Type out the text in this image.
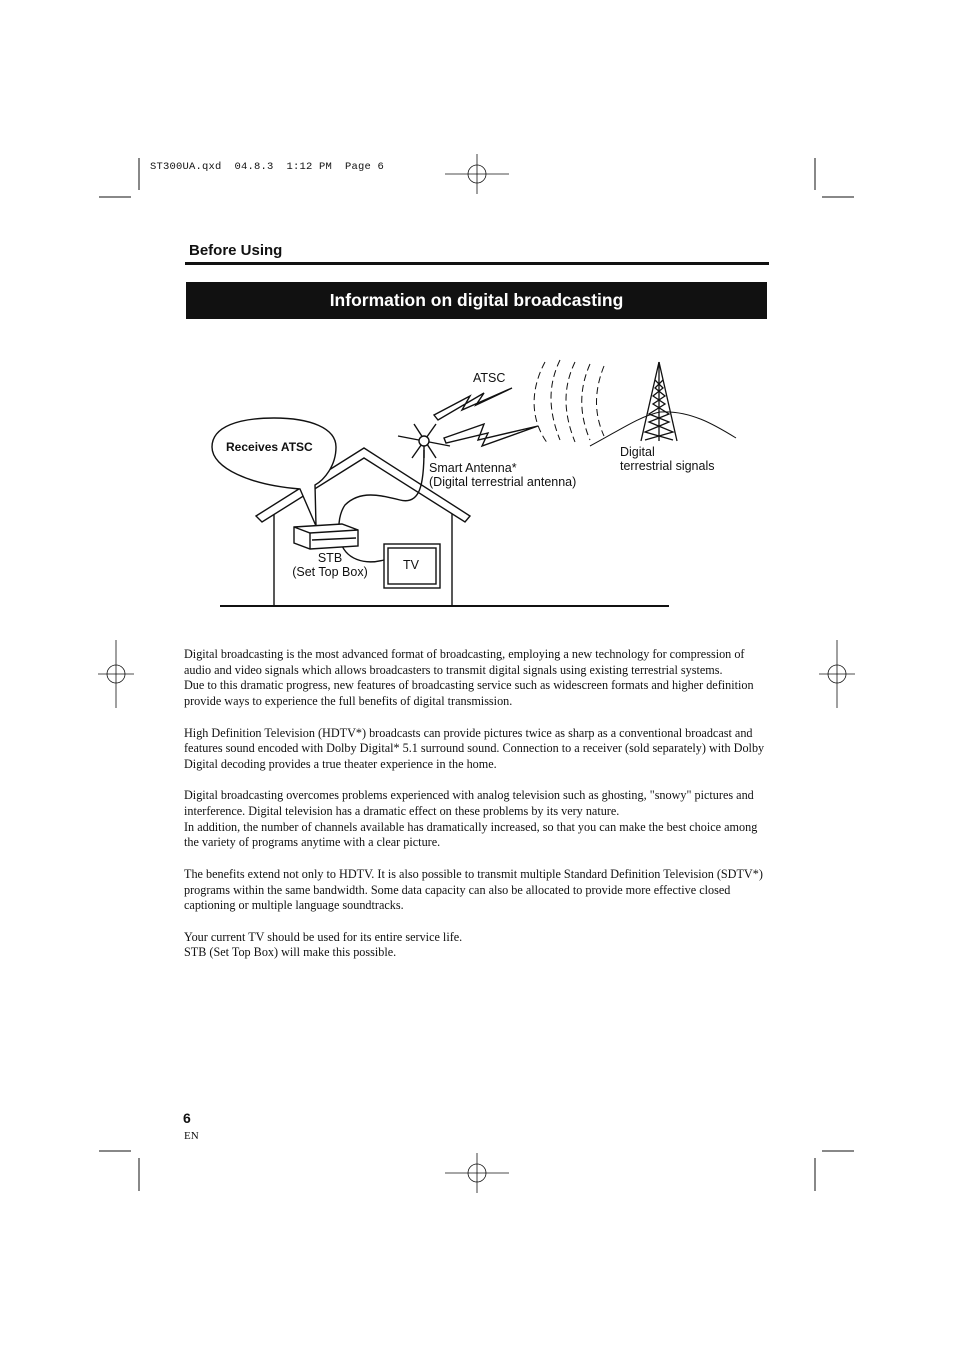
ST300UA.qxd  04.8.3  1:12 PM  Page 6
Before Using
Information on digital broadcasting
Receives ATSC
ATSC
Smart Antenna*
(Digital terrestrial antenna)
Digital
terrestrial signals
STB
(Set Top Box)	TV

Digital broadcasting is the most advanced format of broadcasting, employing a new technology for compression of audio and video signals which allows broadcasters to transmit digital signals using existing terrestrial systems.
Due to this dramatic progress, new features of broadcasting service such as widescreen formats and higher definition provide ways to experience the full benefits of digital transmission.

High Definition Television (HDTV*) broadcasts can provide pictures twice as sharp as a conventional broadcast and features sound encoded with Dolby Digital* 5.1 surround sound. Connection to a receiver (sold separately) with Dolby Digital decoding provides a true theater experience in the home.

Digital broadcasting overcomes problems experienced with analog television such as ghosting, "snowy" pictures and interference. Digital television has a dramatic effect on these problems by its very nature.
In addition, the number of channels available has dramatically increased, so that you can make the best choice among the variety of programs anytime with a clear picture.

The benefits extend not only to HDTV. It is also possible to transmit multiple Standard Definition Television (SDTV*) programs within the same bandwidth. Some data capacity can also be allocated to provide more effective closed captioning or multiple language soundtracks.

Your current TV should be used for its entire service life.
STB (Set Top Box) will make this possible.

6
EN
